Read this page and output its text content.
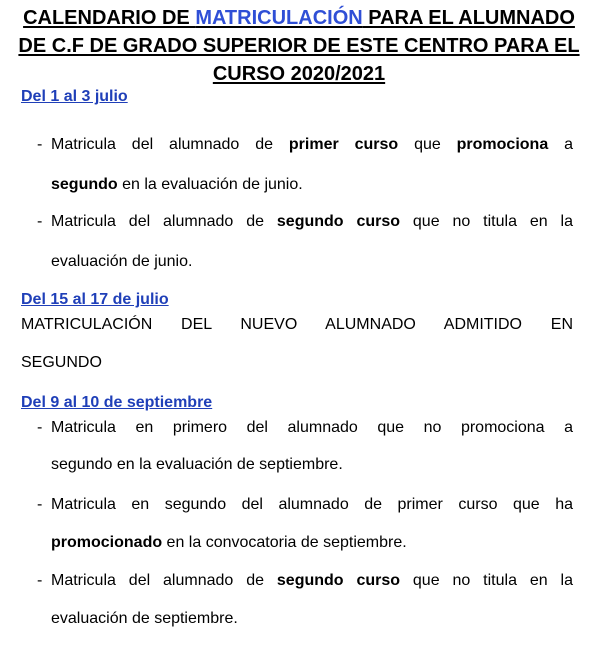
CALENDARIO DE MATRICULACIÓN PARA EL ALUMNADO
DE C.F DE GRADO SUPERIOR DE ESTE CENTRO PARA EL
CURSO 2020/2021
Del 1 al 3 julio
- Matricula del alumnado de primer curso que promociona a

segundo en la evaluación de junio.

- Matricula del alumnado de segundo curso que no titula en la

evaluación de junio.

Del 15 al 17 de julio

MATRICULACIÓN DEL NUEVO ALUMNADO ADMITIDO EN

SEGUNDO

Del 9 al 10 de septiembre
- Matricula en primero del alumnado que no promociona a

segundo en la evaluación de septiembre.

- Matricula en segundo del alumnado de primer curso que ha

promocionado en la convocatoria de septiembre.

- Matricula del alumnado de segundo curso que no titula en la

evaluación de septiembre.
